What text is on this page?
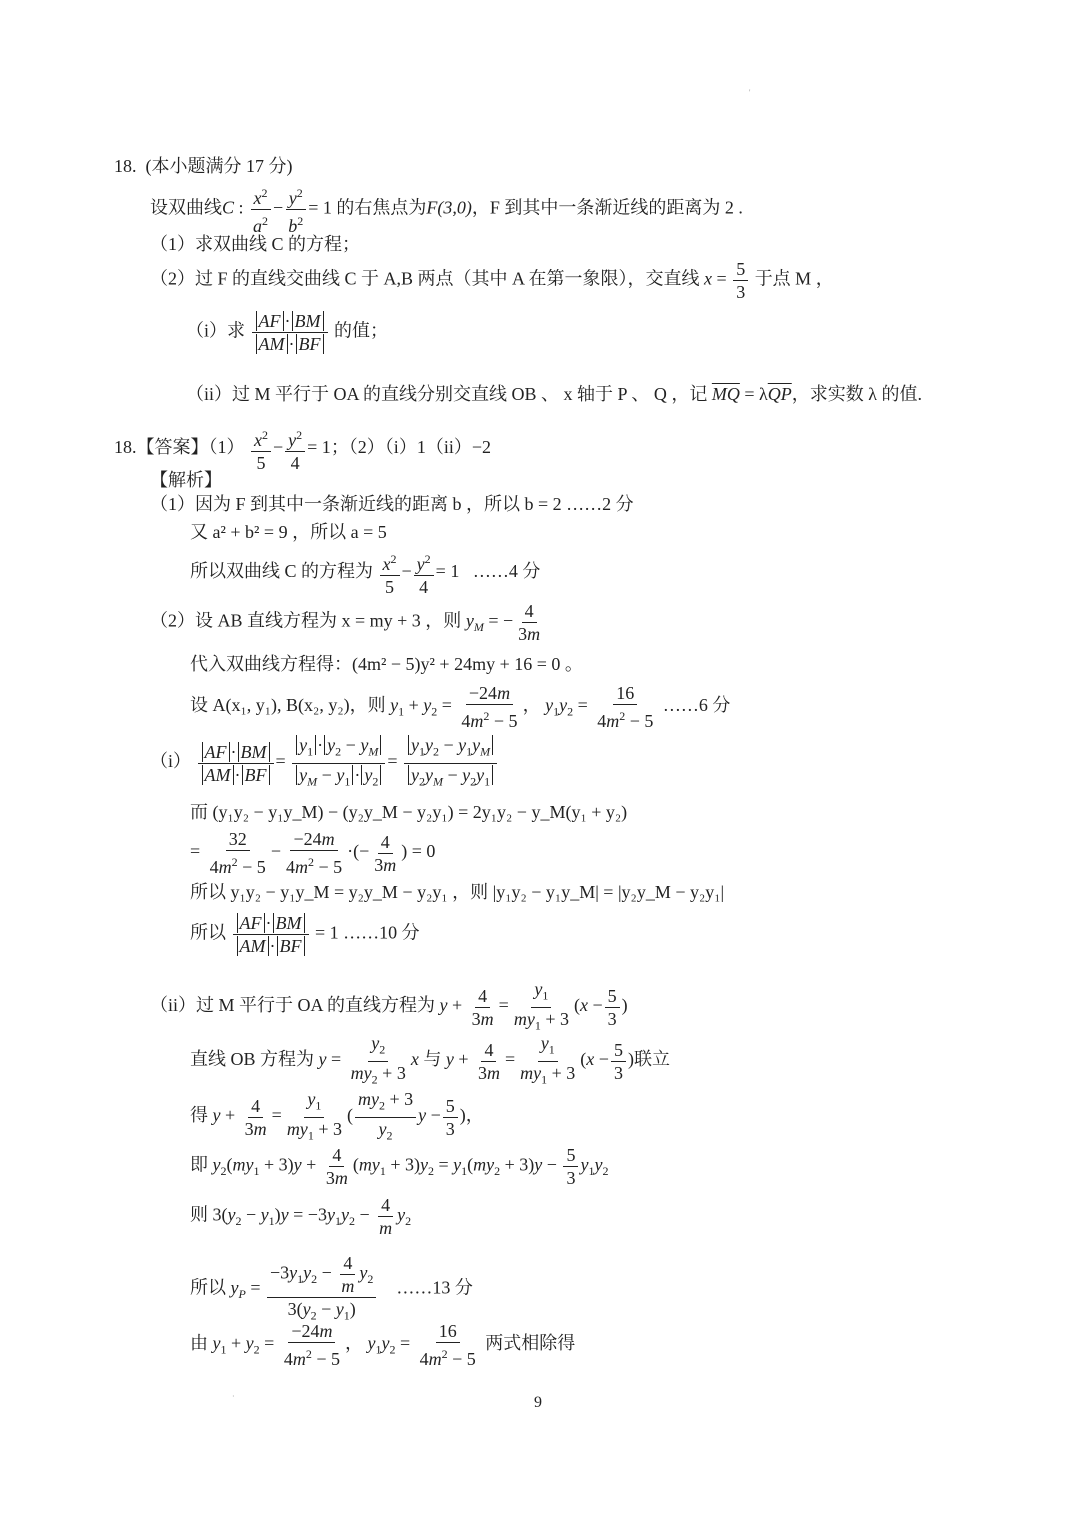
'
18. (本小题满分 17 分)
设双曲线C : $\frac{x^2}{a^2} - \frac{y^2}{b^2} = 1$ 的右焦点为F(3,0)，F 到其中一条渐近线的距离为 2 .
（1）求双曲线 C 的方程；
（2）过 F 的直线交曲线 C 于 A,B 两点（其中 A 在第一象限），交直线 $x = \frac{5}{3}$ 于点 M ，
（i）求 $\frac{AF \cdot BM}{AM \cdot BF}$ 的值；
（ii）过 M 平行于 OA 的直线分别交直线 OB 、 x 轴于 P 、 Q ，记 $\overline{MQ} = \lambda\overline{QP}$，求实数 λ 的值.
18.【答案】$(1) \frac{x^2}{5} - \frac{y^2}{4} = 1$；（2）（i）1（ii）−2
【解析】
（1）因为 F 到其中一条渐近线的距离 b ，所以 b = 2 ……2 分
又 a² + b² = 9 ，所以 a = 5
所以双曲线 C 的方程为 $\frac{x^2}{5} - \frac{y^2}{4} = 1$   ……4 分
（2）设 AB 直线方程为 x = my + 3 ，则 $y_M$ = − $\frac{4}{3m}$
代入双曲线方程得：(4m² − 5)y² + 24my + 16 = 0 。
设 A(x₁, y₁), B(x₂, y₂)，则 $y_1 + y_2 = \frac{-24m}{4m^2 - 5}$ ， $y_1y_2 = \frac{16}{4m^2 - 5}$ ……6 分
$(i) \frac{AF \cdot BM}{AM \cdot BF} = \frac{y_1 \cdot y_2 - y_M}{y_M - y_1 \cdot y_2} = \frac{y_1y_2 - y_1y_M}{y_2y_M - y_2y_1}$
而 (y₁y₂ − y₁y_M) − (y₂y_M − y₂y₁) = 2y₁y₂ − y_M(y₁ + y₂)
= $\frac{32}{4m^2 - 5} - \frac{-24m}{4m^2 - 5}$ ·(− $\frac{4}{3m}$ ) = 0
所以 y₁y₂ − y₁y_M = y₂y_M − y₂y₁ ，则 |y₁y₂ − y₁y_M| = |y₂y_M − y₂y₁|
所以 $\frac{AF \cdot BM}{AM \cdot BF} = 1$ ……10 分
（ii）过 M 平行于 OA 的直线方程为 $y + \frac{4}{3m} = \frac{y_1}{my_1 + 3} (x - \frac{5}{3}$ )
直线 OB 方程为 $y = \frac{y_2}{my_2 + 3}$ x 与 $y + \frac{4}{3m} = \frac{y_1}{my_1 + 3} (x - \frac{5}{3}$ )联立
得 $y + \frac{4}{3m} = \frac{y_1}{my_1 + 3}$ ( $\frac{my_2 + 3}{y_2}$ $y - \frac{5}{3}$ )，
即 $y_2(my_1 + 3)y + \frac{4}{3m} (my_1 + 3)y_2 = y_1(my_2 + 3)y - \frac{5}{3} y_1y_2$
则 $3(y_2 - y_1)y = -3y_1y_2 - \frac{4}{m} y_2$
所以 $y_P = \frac{-3y_1y_2 - \frac{4}{m} y_2}{3(y_2 - y_1)}$ ……13 分
由 $y_1 + y_2 = \frac{-24m}{4m^2 - 5}$ ， $y_1y_2 = \frac{16}{4m^2 - 5}$ 两式相除得
·	9
